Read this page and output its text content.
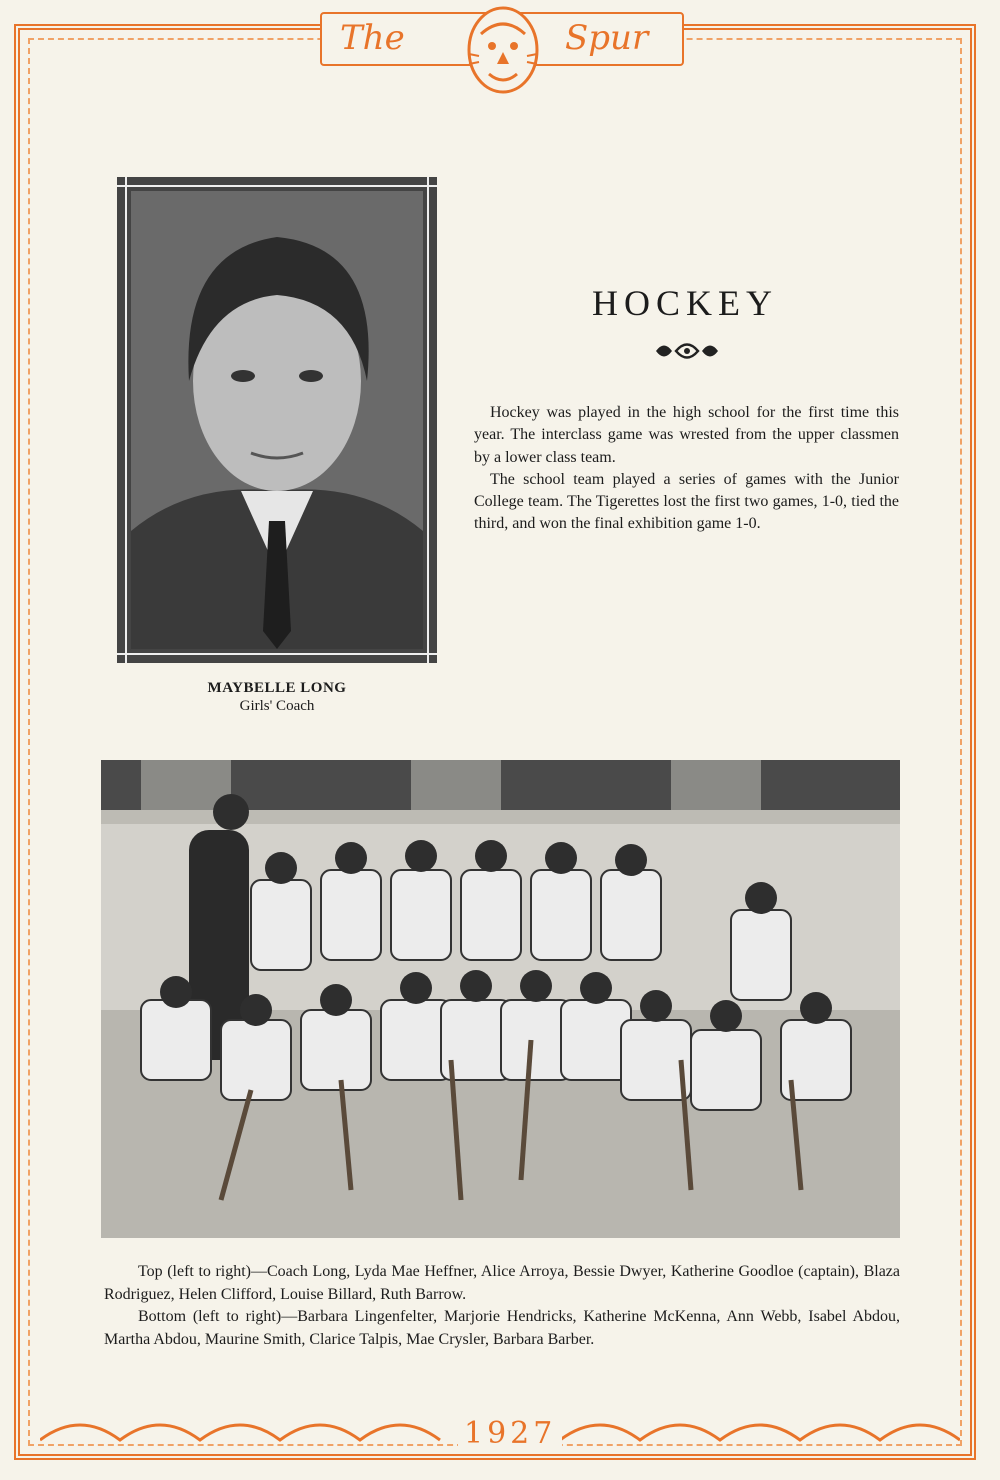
The	Spur
MAYBELLE LONG
Girls' Coach
HOCKEY

Hockey was played in the high school for the first time this year. The interclass game was wrested from the upper classmen by a lower class team.

The school team played a series of games with the Junior College team. The Tigerettes lost the first two games, 1-0, tied the third, and won the final exhibition game 1-0.

Top (left to right)—Coach Long, Lyda Mae Heffner, Alice Arroya, Bessie Dwyer, Katherine Goodloe (captain), Blaza Rodriguez, Helen Clifford, Louise Billard, Ruth Barrow.

Bottom (left to right)—Barbara Lingenfelter, Marjorie Hendricks, Katherine McKenna, Ann Webb, Isabel Abdou, Martha Abdou, Maurine Smith, Clarice Talpis, Mae Crysler, Barbara Barber.

1927
